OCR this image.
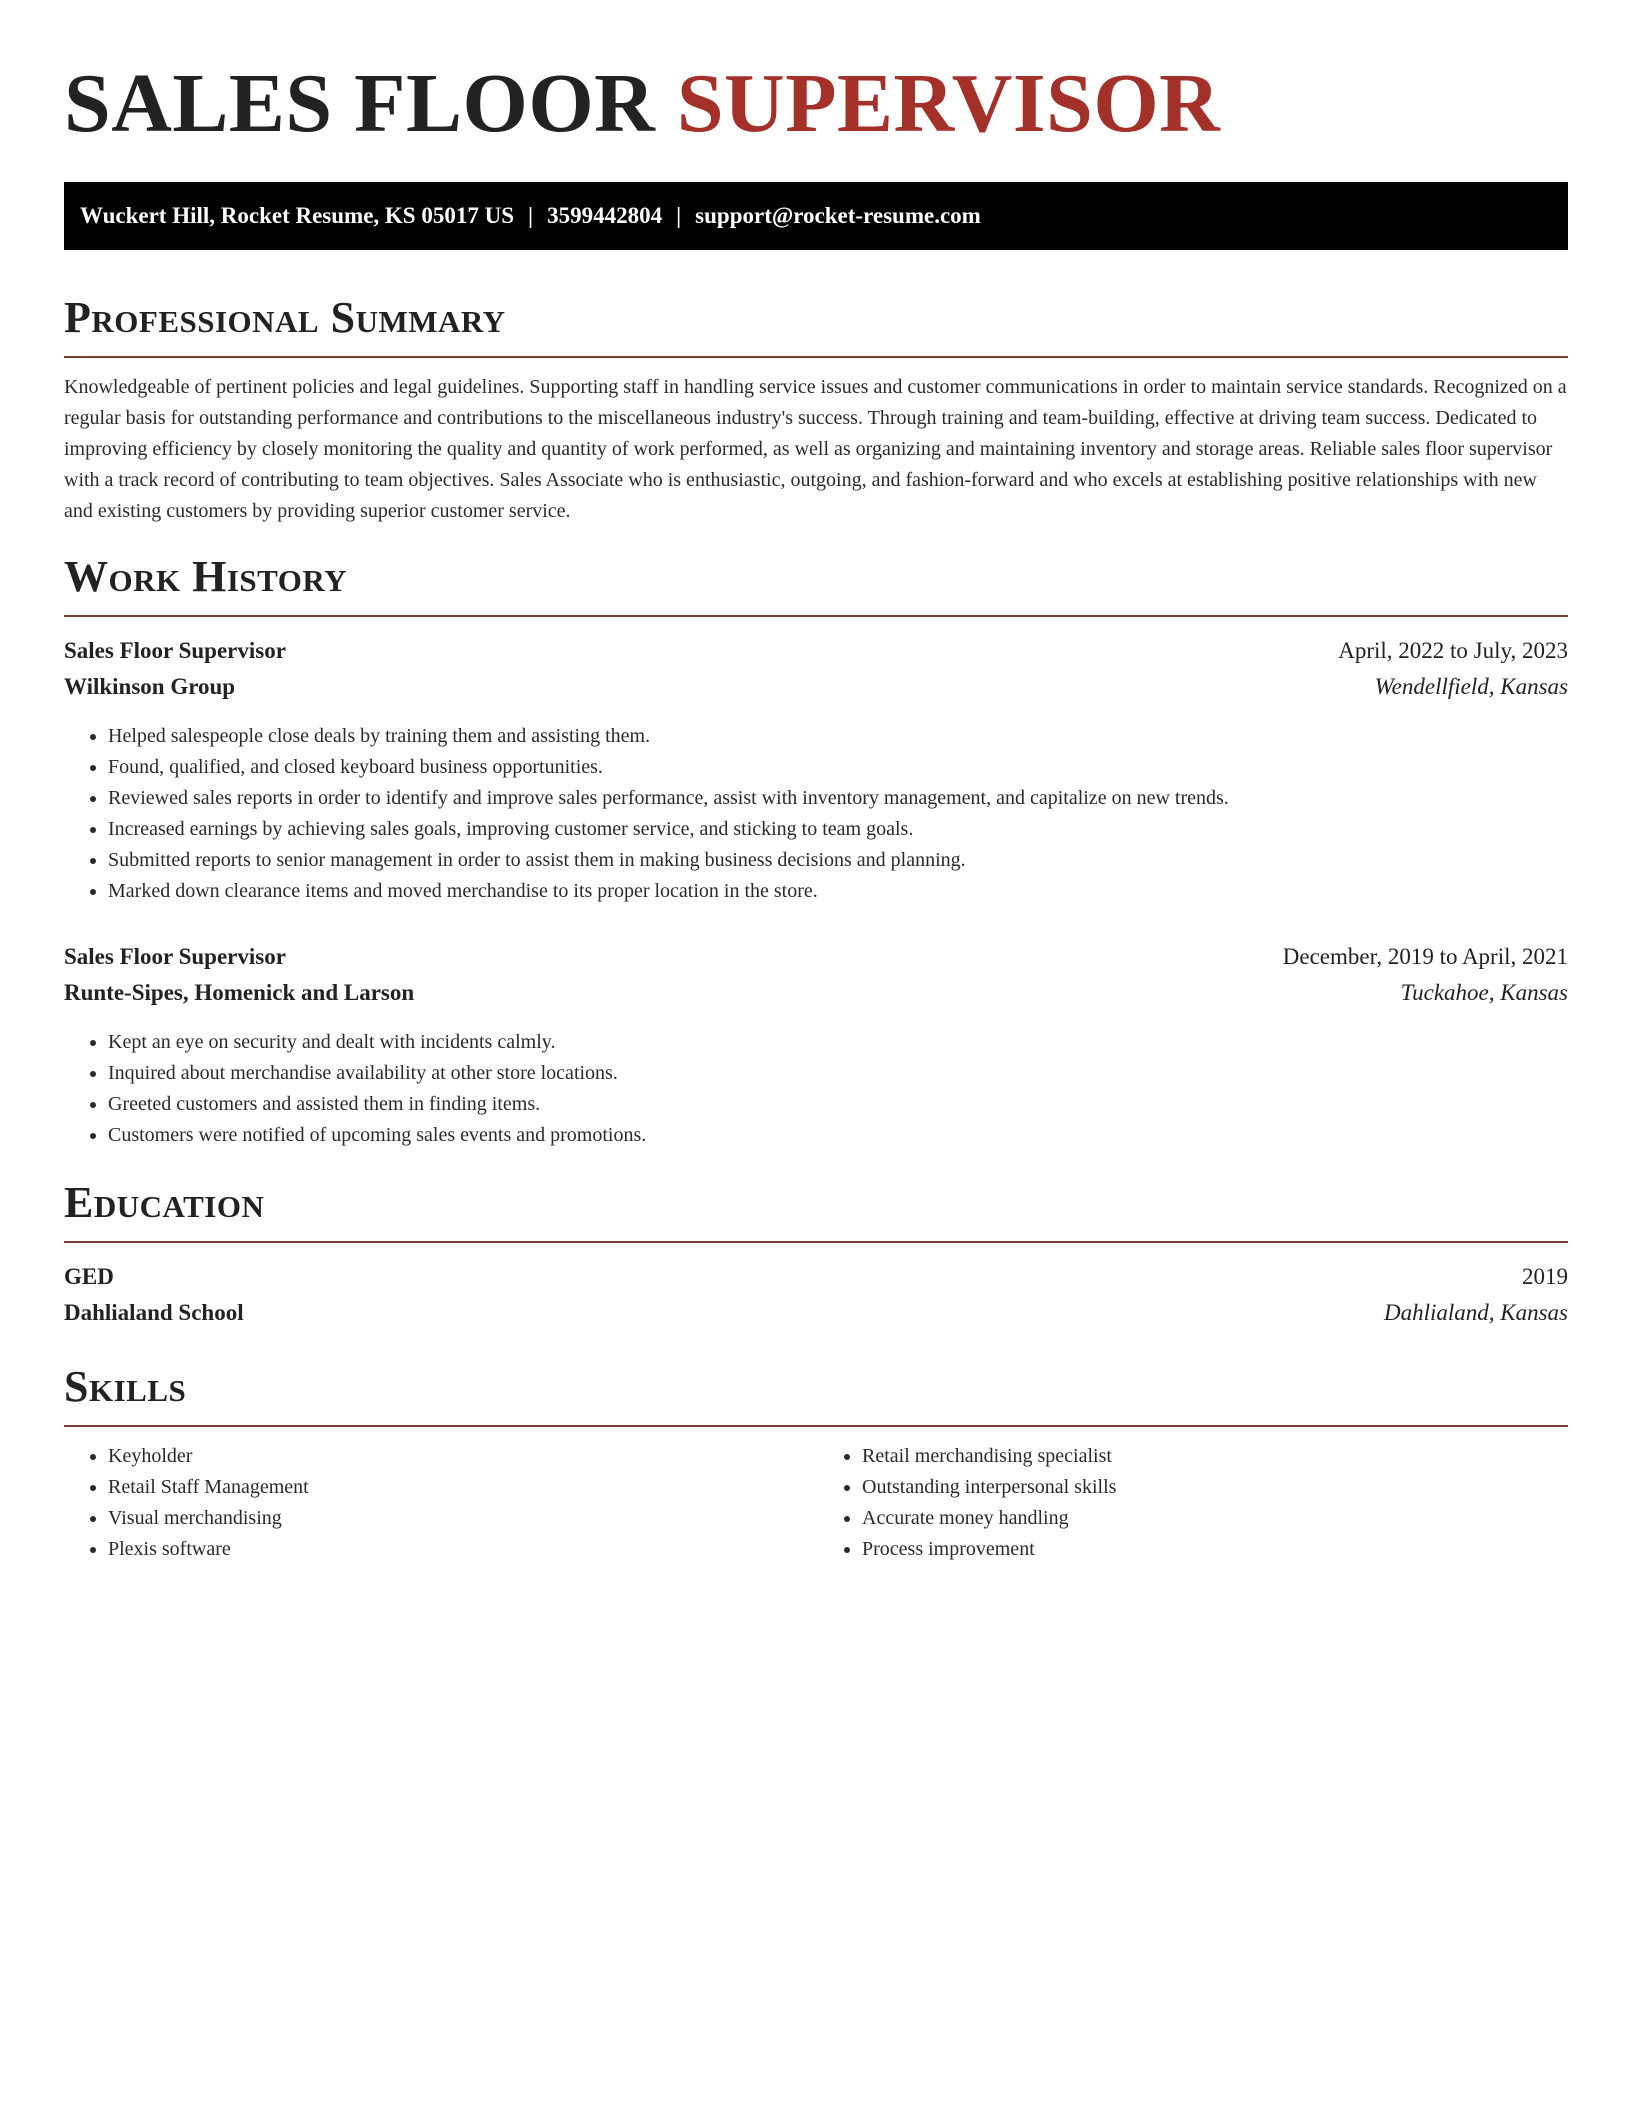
SALES FLOOR SUPERVISOR
Wuckert Hill, Rocket Resume, KS 05017 US | 3599442804 | support@rocket-resume.com
Professional Summary

Knowledgeable of pertinent policies and legal guidelines. Supporting staff in handling service issues and customer communications in order to maintain service standards. Recognized on a regular basis for outstanding performance and contributions to the miscellaneous industry's success. Through training and team-building, effective at driving team success. Dedicated to improving efficiency by closely monitoring the quality and quantity of work performed, as well as organizing and maintaining inventory and storage areas. Reliable sales floor supervisor with a track record of contributing to team objectives. Sales Associate who is enthusiastic, outgoing, and fashion-forward and who excels at establishing positive relationships with new and existing customers by providing superior customer service.

Work History
Sales Floor Supervisor	April, 2022 to July, 2023
Wilkinson Group	Wendellfield, Kansas
• Helped salespeople close deals by training them and assisting them.
• Found, qualified, and closed keyboard business opportunities.
• Reviewed sales reports in order to identify and improve sales performance, assist with inventory management, and capitalize on new trends.
• Increased earnings by achieving sales goals, improving customer service, and sticking to team goals.
• Submitted reports to senior management in order to assist them in making business decisions and planning.
• Marked down clearance items and moved merchandise to its proper location in the store.
Sales Floor Supervisor	December, 2019 to April, 2021
Runte-Sipes, Homenick and Larson	Tuckahoe, Kansas
• Kept an eye on security and dealt with incidents calmly.
• Inquired about merchandise availability at other store locations.
• Greeted customers and assisted them in finding items.
• Customers were notified of upcoming sales events and promotions.
Education
GED	2019
Dahlialand School	Dahlialand, Kansas
Skills
• Keyholder
• Retail Staff Management
• Visual merchandising
• Plexis software
• Retail merchandising specialist
• Outstanding interpersonal skills
• Accurate money handling
• Process improvement
